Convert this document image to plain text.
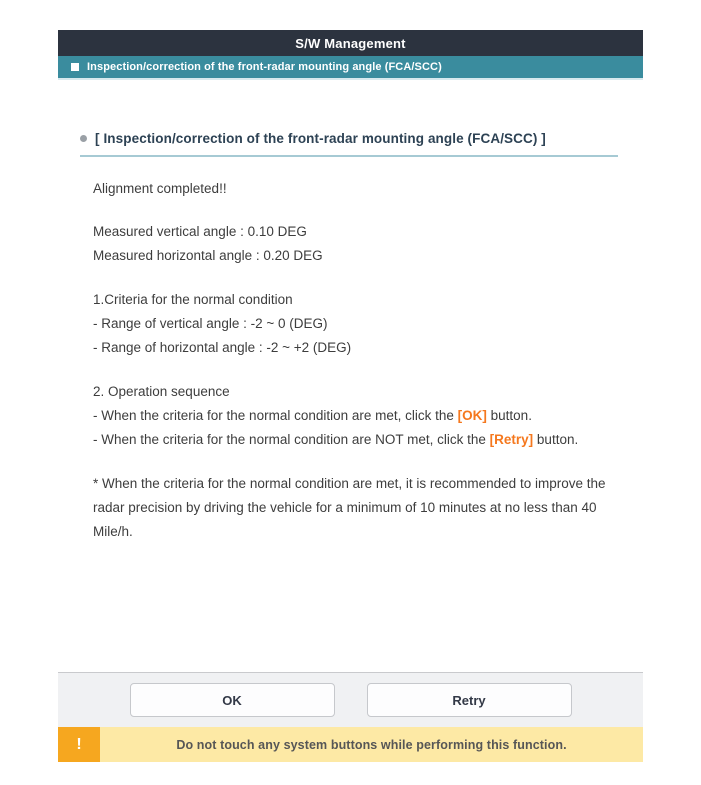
S/W Management
Inspection/correction of the front-radar mounting angle (FCA/SCC)
[ Inspection/correction of the front-radar mounting angle (FCA/SCC) ]

Alignment completed!!

Measured vertical angle : 0.10 DEG
Measured horizontal angle : 0.20 DEG
1.Criteria for the normal condition
- Range of vertical angle : -2 ~ 0 (DEG)
- Range of horizontal angle : -2 ~ +2 (DEG)
2. Operation sequence
- When the criteria for the normal condition are met, click the [OK] button.
- When the criteria for the normal condition are NOT met, click the [Retry] button.

* When the criteria for the normal condition are met, it is recommended to improve the radar precision by driving the vehicle for a minimum of 10 minutes at no less than 40 Mile/h.

OK	Retry
!	Do not touch any system buttons while performing this function.
